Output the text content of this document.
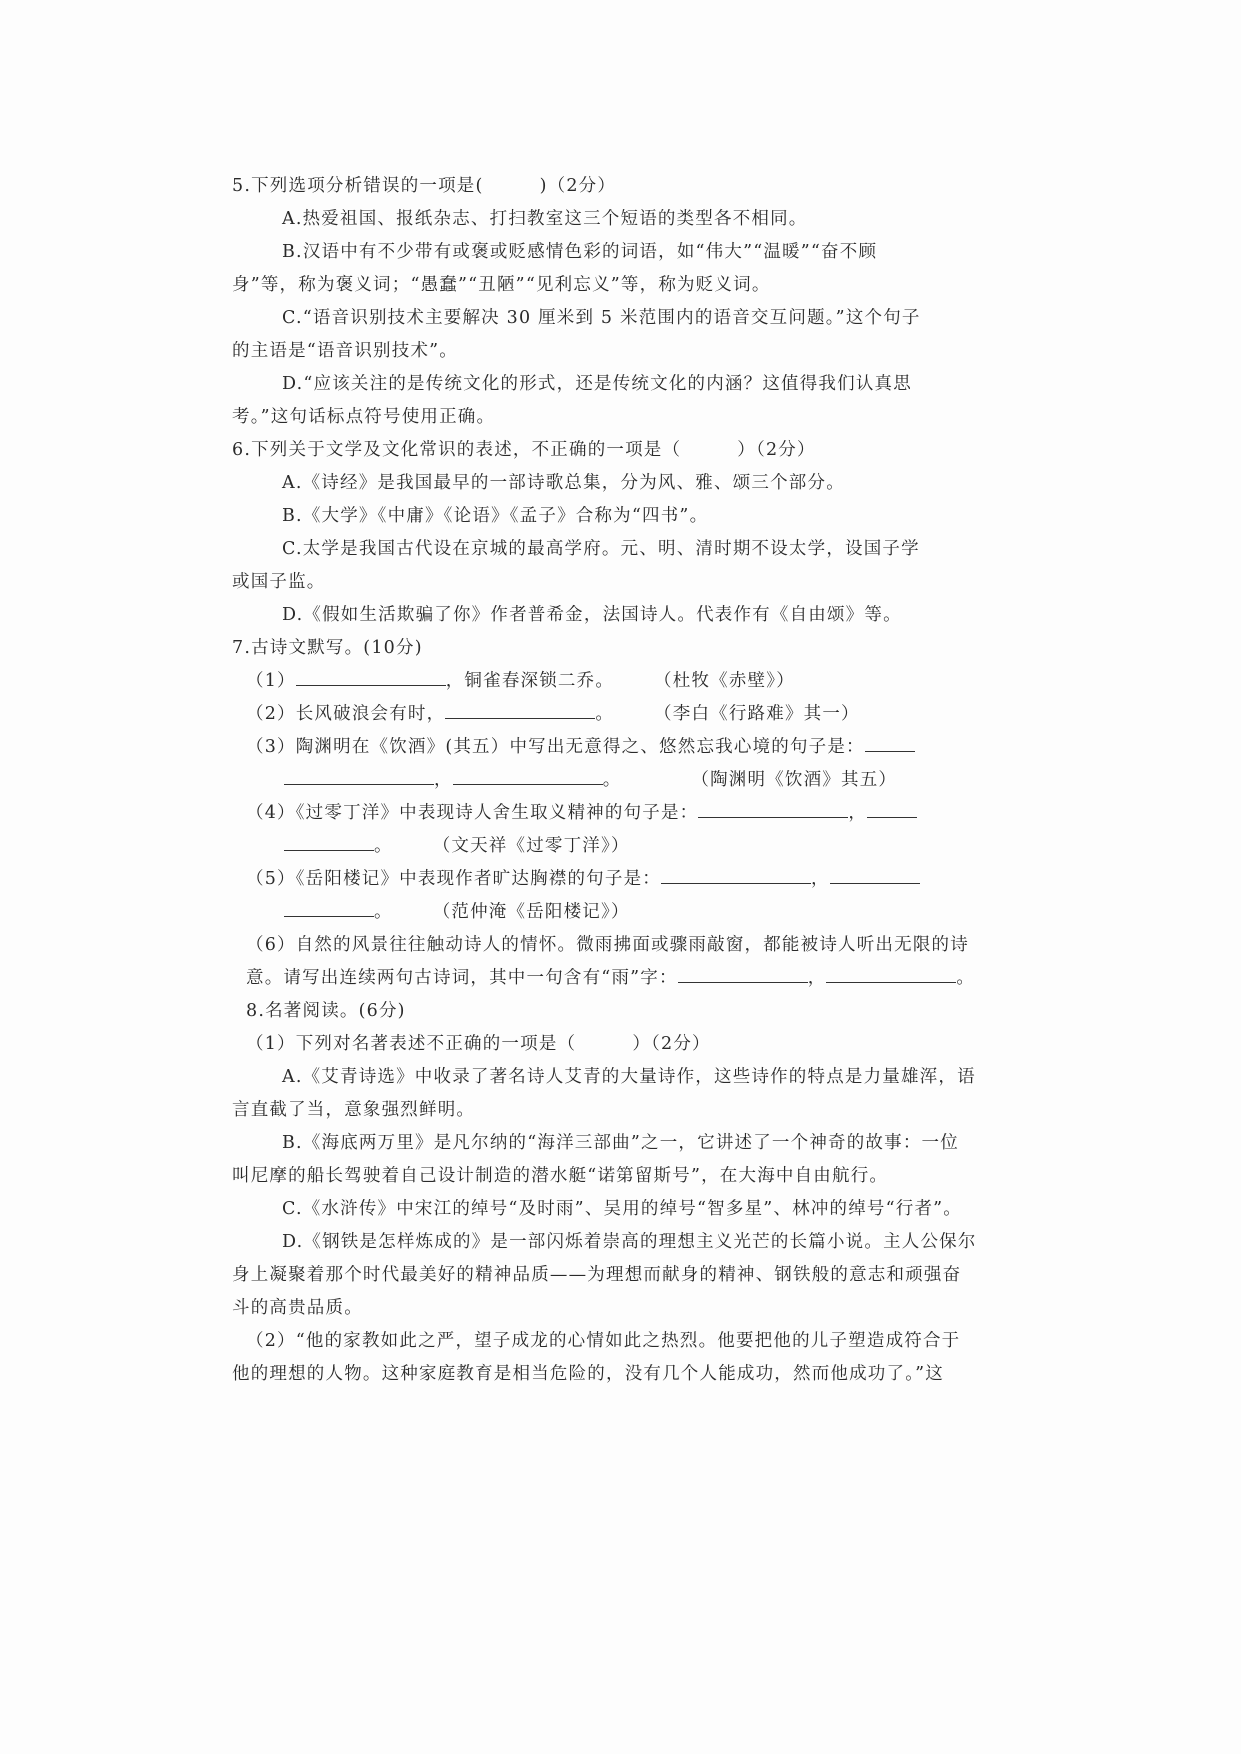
5.下列选项分析错误的一项是(　　　)（2分）
A.热爱祖国、报纸杂志、打扫教室这三个短语的类型各不相同。
B.汉语中有不少带有或褒或贬感情色彩的词语，如“伟大”“温暖”“奋不顾
身”等，称为褒义词；“愚蠢”“丑陋”“见利忘义”等，称为贬义词。
C.“语音识别技术主要解决 30 厘米到 5 米范围内的语音交互问题。”这个句子
的主语是“语音识别技术”。
D.“应该关注的是传统文化的形式，还是传统文化的内涵？这值得我们认真思
考。”这句话标点符号使用正确。
6.下列关于文学及文化常识的表述，不正确的一项是（　　　）（2分）
A.《诗经》是我国最早的一部诗歌总集，分为风、雅、颂三个部分。
B.《大学》《中庸》《论语》《孟子》合称为“四书”。
C.太学是我国古代设在京城的最高学府。元、明、清时期不设太学，设国子学
或国子监。
D.《假如生活欺骗了你》作者普希金，法国诗人。代表作有《自由颂》等。
7.古诗文默写。(10分)
（1）	，铜雀春深锁二乔。 （杜牧《赤壁》）
（2）长风破浪会有时，	。 （李白《行路难》其一）
（3）陶渊明在《饮酒》(其五）中写出无意得之、悠然忘我心境的句子是：
，	。	（陶渊明《饮酒》其五）
（4）《过零丁洋》中表现诗人舍生取义精神的句子是：	，
。 （文天祥《过零丁洋》）
（5）《岳阳楼记》中表现作者旷达胸襟的句子是：	，
。 （范仲淹《岳阳楼记》）
（6）自然的风景往往触动诗人的情怀。微雨拂面或骤雨敲窗，都能被诗人听出无限的诗
意。请写出连续两句古诗词，其中一句含有“雨”字：	，	。
8.名著阅读。(6分)
（1）下列对名著表述不正确的一项是（　　　）（2分）
A.《艾青诗选》中收录了著名诗人艾青的大量诗作，这些诗作的特点是力量雄浑，语
言直截了当，意象强烈鲜明。
B.《海底两万里》是凡尔纳的“海洋三部曲”之一，它讲述了一个神奇的故事：一位
叫尼摩的船长驾驶着自己设计制造的潜水艇“诺第留斯号”，在大海中自由航行。
C.《水浒传》中宋江的绰号“及时雨”、吴用的绰号“智多星”、林冲的绰号“行者”。
D.《钢铁是怎样炼成的》是一部闪烁着崇高的理想主义光芒的长篇小说。主人公保尔
身上凝聚着那个时代最美好的精神品质——为理想而献身的精神、钢铁般的意志和顽强奋
斗的高贵品质。
（2）“他的家教如此之严，望子成龙的心情如此之热烈。他要把他的儿子塑造成符合于
他的理想的人物。这种家庭教育是相当危险的，没有几个人能成功，然而他成功了。”这
